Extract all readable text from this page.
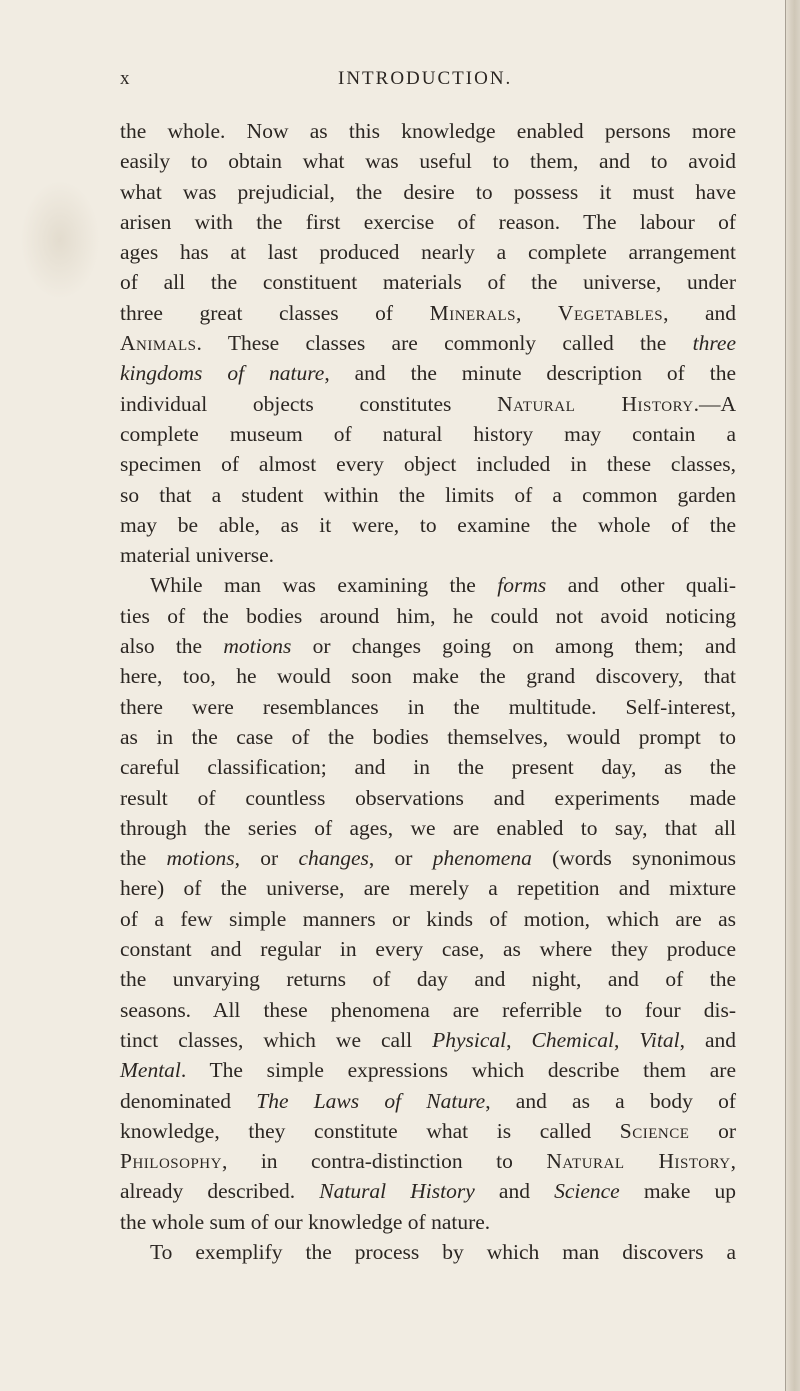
x	INTRODUCTION.
the whole. Now as this knowledge enabled persons more
easily to obtain what was useful to them, and to avoid
what was prejudicial, the desire to possess it must have
arisen with the first exercise of reason. The labour of
ages has at last produced nearly a complete arrangement
of all the constituent materials of the universe, under
three great classes of Minerals, Vegetables, and
Animals. These classes are commonly called the three
kingdoms of nature, and the minute description of the
individual objects constitutes Natural History.—A
complete museum of natural history may contain a
specimen of almost every object included in these classes,
so that a student within the limits of a common garden
may be able, as it were, to examine the whole of the
material universe.
While man was examining the forms and other quali-
ties of the bodies around him, he could not avoid noticing
also the motions or changes going on among them; and
here, too, he would soon make the grand discovery, that
there were resemblances in the multitude. Self-interest,
as in the case of the bodies themselves, would prompt to
careful classification; and in the present day, as the
result of countless observations and experiments made
through the series of ages, we are enabled to say, that all
the motions, or changes, or phenomena (words synonimous
here) of the universe, are merely a repetition and mixture
of a few simple manners or kinds of motion, which are as
constant and regular in every case, as where they produce
the unvarying returns of day and night, and of the
seasons. All these phenomena are referrible to four dis-
tinct classes, which we call Physical, Chemical, Vital, and
Mental. The simple expressions which describe them are
denominated The Laws of Nature, and as a body of
knowledge, they constitute what is called Science or
Philosophy, in contra-distinction to Natural History,
already described. Natural History and Science make up
the whole sum of our knowledge of nature.
To exemplify the process by which man discovers a
